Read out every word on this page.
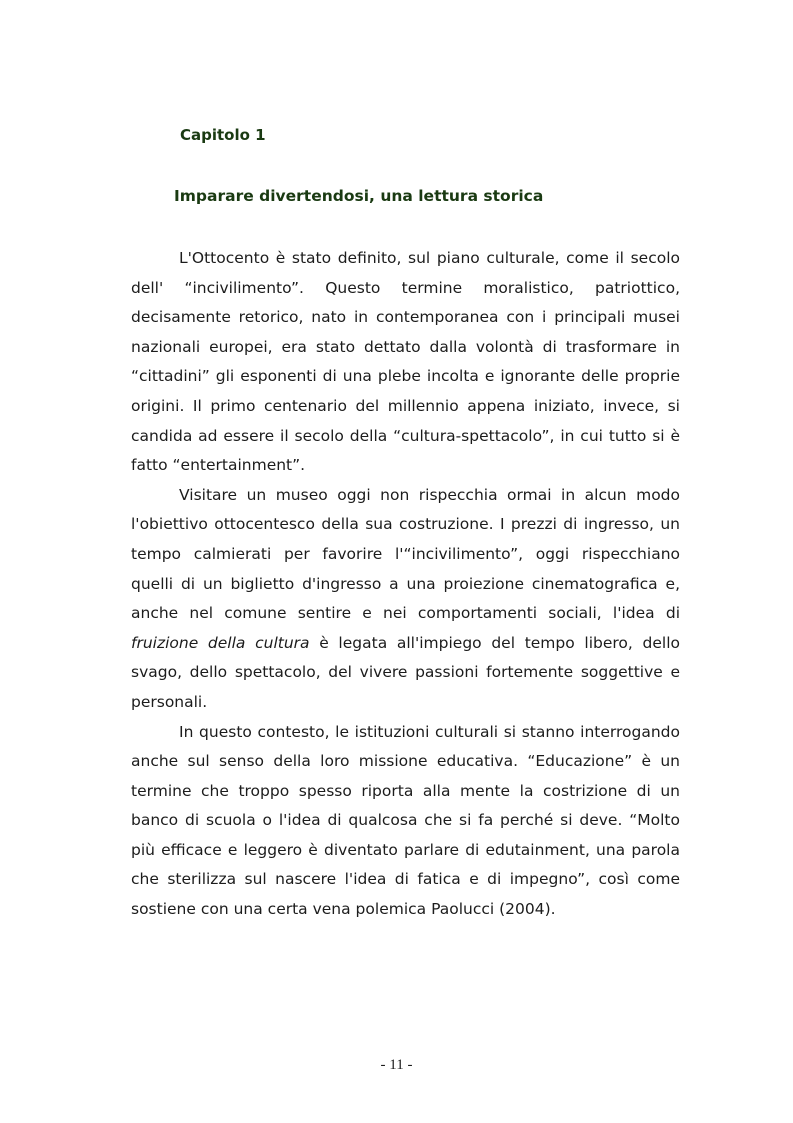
Capitolo 1
Imparare divertendosi, una lettura storica

L'Ottocento è stato definito, sul piano culturale, come il secolo dell' “incivilimento”. Questo termine moralistico, patriottico, decisamente retorico, nato in contemporanea con i principali musei nazionali europei, era stato dettato dalla volontà di trasformare in “cittadini” gli esponenti di una plebe incolta e ignorante delle proprie origini. Il primo centenario del millennio appena iniziato, invece, si candida ad essere il secolo della “cultura-spettacolo”, in cui tutto si è fatto “entertainment”.

Visitare un museo oggi non rispecchia ormai in alcun modo l'obiettivo ottocentesco della sua costruzione. I prezzi di ingresso, un tempo calmierati per favorire l'“incivilimento”, oggi rispecchiano quelli di un biglietto d'ingresso a una proiezione cinematografica e, anche nel comune sentire e nei comportamenti sociali, l'idea di fruizione della cultura è legata all'impiego del tempo libero, dello svago, dello spettacolo, del vivere passioni fortemente soggettive e personali.

In questo contesto, le istituzioni culturali si stanno interrogando anche sul senso della loro missione educativa. “Educazione” è un termine che troppo spesso riporta alla mente la costrizione di un banco di scuola o l'idea di qualcosa che si fa perché si deve. “Molto più efficace e leggero è diventato parlare di edutainment, una parola che sterilizza sul nascere l'idea di fatica e di impegno”, così come sostiene con una certa vena polemica Paolucci (2004).

- 11 -
